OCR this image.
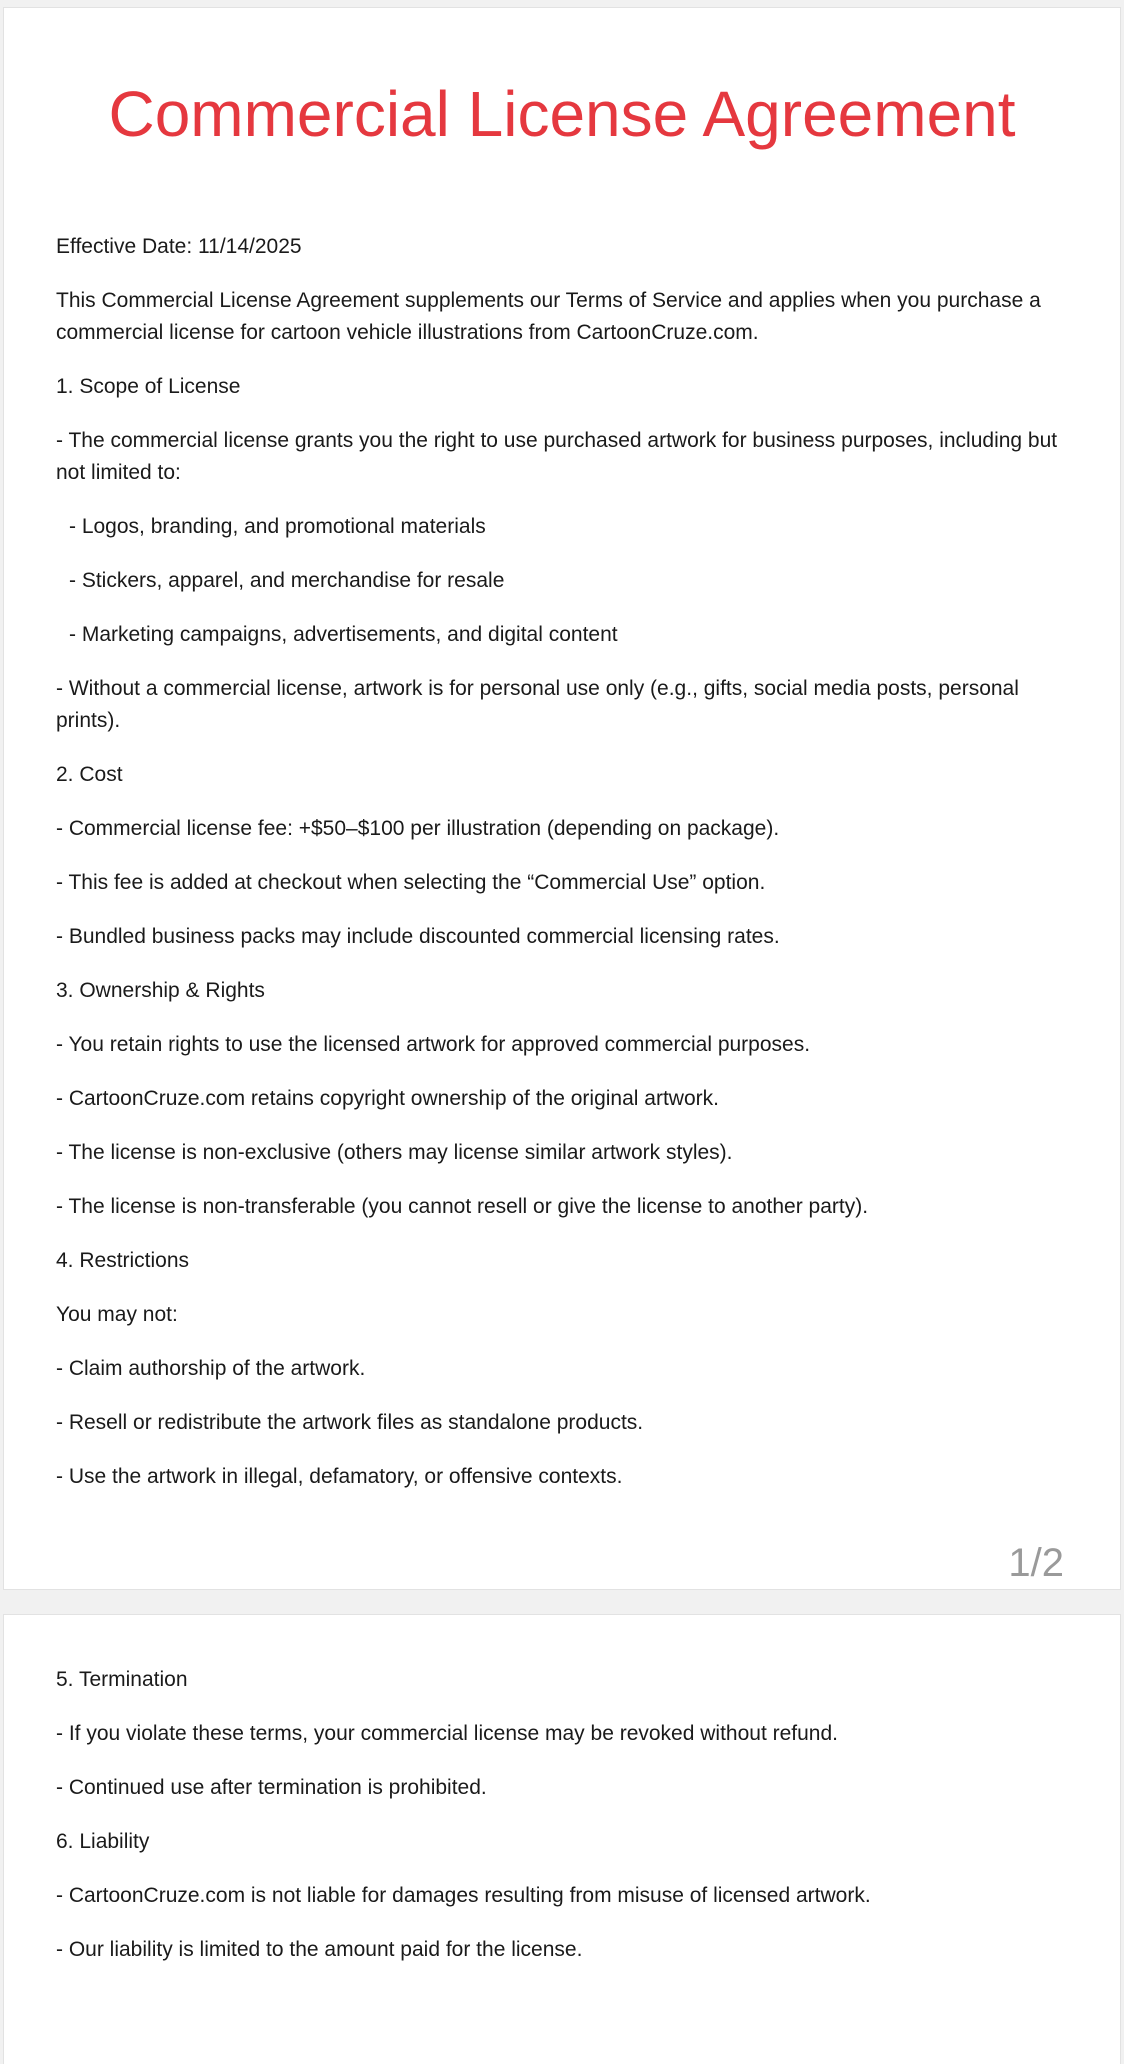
Commercial License Agreement

Effective Date: 11/14/2025

This Commercial License Agreement supplements our Terms of Service and applies when you purchase a commercial license for cartoon vehicle illustrations from CartoonCruze.com.

1. Scope of License

- The commercial license grants you the right to use purchased artwork for business purposes, including but not limited to:

- Logos, branding, and promotional materials

- Stickers, apparel, and merchandise for resale

- Marketing campaigns, advertisements, and digital content

- Without a commercial license, artwork is for personal use only (e.g., gifts, social media posts, personal prints).

2. Cost

- Commercial license fee: +$50–$100 per illustration (depending on package).

- This fee is added at checkout when selecting the “Commercial Use” option.

- Bundled business packs may include discounted commercial licensing rates.

3. Ownership & Rights

- You retain rights to use the licensed artwork for approved commercial purposes.

- CartoonCruze.com retains copyright ownership of the original artwork.

- The license is non-exclusive (others may license similar artwork styles).

- The license is non-transferable (you cannot resell or give the license to another party).

4. Restrictions

You may not:

- Claim authorship of the artwork.

- Resell or redistribute the artwork files as standalone products.

- Use the artwork in illegal, defamatory, or offensive contexts.

1/2

5. Termination

- If you violate these terms, your commercial license may be revoked without refund.

- Continued use after termination is prohibited.

6. Liability

- CartoonCruze.com is not liable for damages resulting from misuse of licensed artwork.

- Our liability is limited to the amount paid for the license.
